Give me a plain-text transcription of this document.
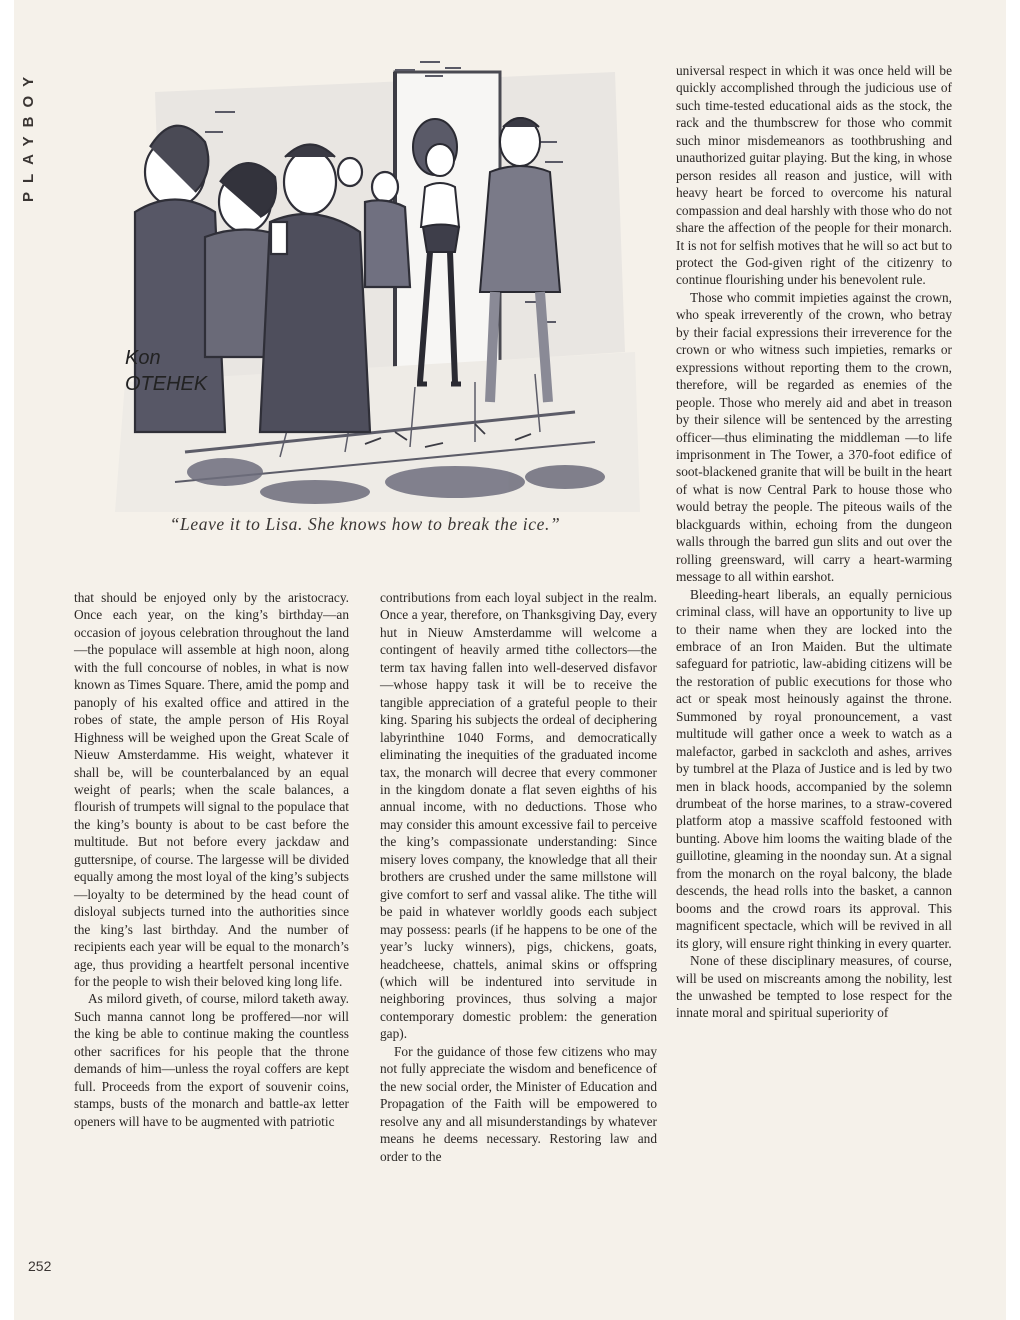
PLAYBOY
Kon
OTEHEK
“Leave it to Lisa. She knows how to break the ice.”

that should be enjoyed only by the aristocracy. Once each year, on the king’s birthday—an occasion of joyous celebration throughout the land—the populace will assemble at high noon, along with the full concourse of nobles, in what is now known as Times Square. There, amid the pomp and panoply of his exalted office and attired in the robes of state, the ample person of His Royal Highness will be weighed upon the Great Scale of Nieuw Amsterdamme. His weight, whatever it shall be, will be counterbalanced by an equal weight of pearls; when the scale balances, a flourish of trumpets will signal to the populace that the king’s bounty is about to be cast before the multitude. But not before every jackdaw and guttersnipe, of course. The largesse will be divided equally among the most loyal of the king’s subjects—loyalty to be determined by the head count of disloyal subjects turned into the authorities since the king’s last birthday. And the number of recipients each year will be equal to the monarch’s age, thus providing a heartfelt personal incentive for the people to wish their beloved king long life.

As milord giveth, of course, milord taketh away. Such manna cannot long be proffered—nor will the king be able to continue making the countless other sacrifices for his people that the throne demands of him—unless the royal coffers are kept full. Proceeds from the export of souvenir coins, stamps, busts of the monarch and battle-ax letter openers will have to be augmented with patriotic

contributions from each loyal subject in the realm. Once a year, therefore, on Thanksgiving Day, every hut in Nieuw Amsterdamme will welcome a contingent of heavily armed tithe collectors—the term tax having fallen into well-deserved disfavor—whose happy task it will be to receive the tangible appreciation of a grateful people to their king. Sparing his subjects the ordeal of deciphering labyrinthine 1040 Forms, and democratically eliminating the inequities of the graduated income tax, the monarch will decree that every commoner in the kingdom donate a flat seven eighths of his annual income, with no deductions. Those who may consider this amount excessive fail to perceive the king’s compassionate understanding: Since misery loves company, the knowledge that all their brothers are crushed under the same millstone will give comfort to serf and vassal alike. The tithe will be paid in whatever worldly goods each subject may possess: pearls (if he happens to be one of the year’s lucky winners), pigs, chickens, goats, headcheese, chattels, animal skins or offspring (which will be indentured into servitude in neighboring provinces, thus solving a major contemporary domestic problem: the generation gap).

For the guidance of those few citizens who may not fully appreciate the wisdom and beneficence of the new social order, the Minister of Education and Propagation of the Faith will be empowered to resolve any and all misunderstandings by whatever means he deems necessary. Restoring law and order to the

universal respect in which it was once held will be quickly accomplished through the judicious use of such time-tested educational aids as the stock, the rack and the thumbscrew for those who commit such minor misdemeanors as toothbrushing and unauthorized guitar playing. But the king, in whose person resides all reason and justice, will with heavy heart be forced to overcome his natural compassion and deal harshly with those who do not share the affection of the people for their monarch. It is not for selfish motives that he will so act but to protect the God-given right of the citizenry to continue flourishing under his benevolent rule.

Those who commit impieties against the crown, who speak irreverently of the crown, who betray by their facial expressions their irreverence for the crown or who witness such impieties, remarks or expressions without reporting them to the crown, therefore, will be regarded as enemies of the people. Those who merely aid and abet in treason by their silence will be sentenced by the arresting officer—thus eliminating the middleman —to life imprisonment in The Tower, a 370-foot edifice of soot-blackened granite that will be built in the heart of what is now Central Park to house those who would betray the people. The piteous wails of the blackguards within, echoing from the dungeon walls through the barred gun slits and out over the rolling greensward, will carry a heart-warming message to all within earshot.

Bleeding-heart liberals, an equally pernicious criminal class, will have an opportunity to live up to their name when they are locked into the embrace of an Iron Maiden. But the ultimate safeguard for patriotic, law-abiding citizens will be the restoration of public executions for those who act or speak most heinously against the throne. Summoned by royal pronouncement, a vast multitude will gather once a week to watch as a malefactor, garbed in sackcloth and ashes, arrives by tumbrel at the Plaza of Justice and is led by two men in black hoods, accompanied by the solemn drumbeat of the horse marines, to a straw-covered platform atop a massive scaffold festooned with bunting. Above him looms the waiting blade of the guillotine, gleaming in the noonday sun. At a signal from the monarch on the royal balcony, the blade descends, the head rolls into the basket, a cannon booms and the crowd roars its approval. This magnificent spectacle, which will be revived in all its glory, will ensure right thinking in every quarter.

None of these disciplinary measures, of course, will be used on miscreants among the nobility, lest the unwashed be tempted to lose respect for the innate moral and spiritual superiority of

252
